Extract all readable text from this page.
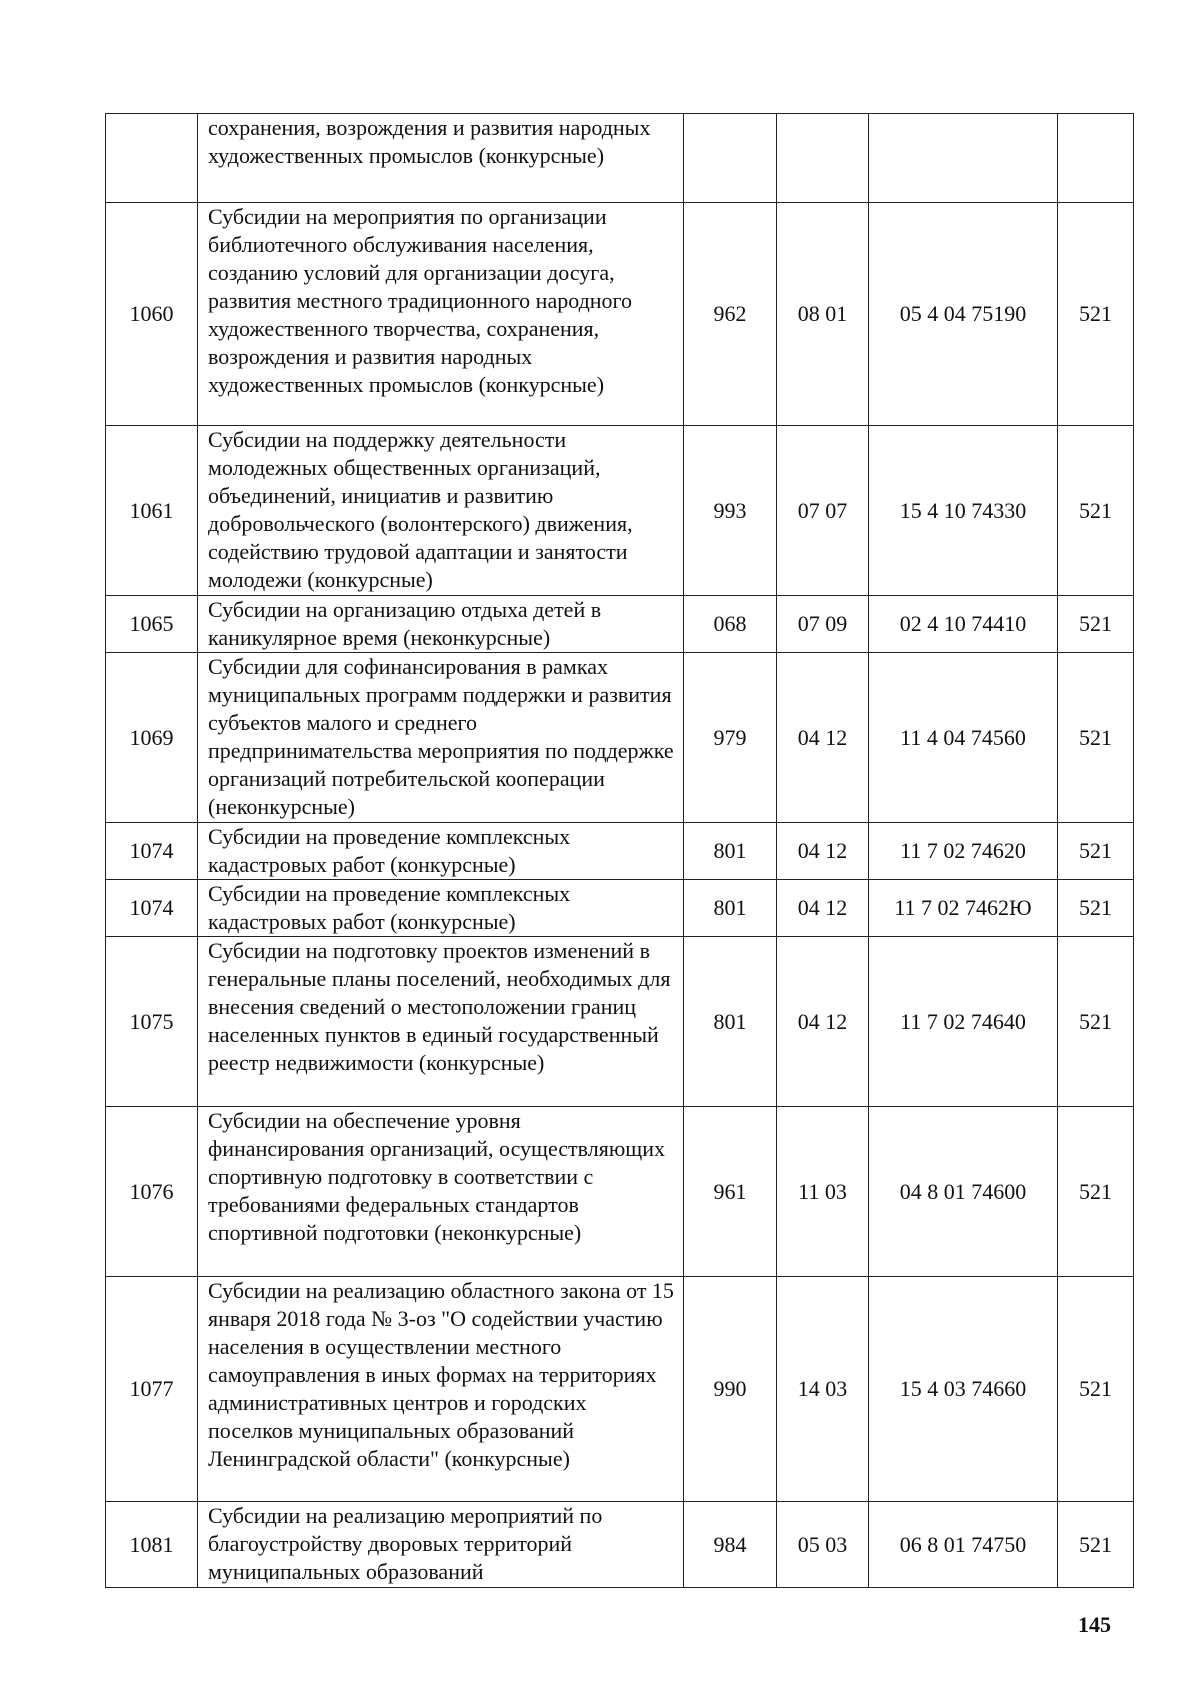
	сохранения, возрождения и развития народных художественных промыслов (конкурсные)				
1060	Субсидии на мероприятия по организации библиотечного обслуживания населения, созданию условий для организации досуга, развития местного традиционного народного художественного творчества, сохранения, возрождения и развития народных художественных промыслов (конкурсные)	962	08 01	05 4 04 75190	521
1061	Субсидии на поддержку деятельности молодежных общественных организаций, объединений, инициатив и развитию добровольческого (волонтерского) движения, содействию трудовой адаптации и занятости молодежи (конкурсные)	993	07 07	15 4 10 74330	521
1065	Субсидии на организацию отдыха детей в каникулярное время (неконкурсные)	068	07 09	02 4 10 74410	521
1069	Субсидии для софинансирования в рамках муниципальных программ поддержки и развития субъектов малого и среднего предпринимательства мероприятия по поддержке организаций потребительской кооперации (неконкурсные)	979	04 12	11 4 04 74560	521
1074	Субсидии на проведение комплексных кадастровых работ (конкурсные)	801	04 12	11 7 02 74620	521
1074	Субсидии на проведение комплексных кадастровых работ (конкурсные)	801	04 12	11 7 02 7462Ю	521
1075	Субсидии на подготовку проектов изменений в генеральные планы поселений, необходимых для внесения сведений о местоположении границ населенных пунктов в единый государственный реестр недвижимости (конкурсные)	801	04 12	11 7 02 74640	521
1076	Субсидии на обеспечение уровня финансирования организаций, осуществляющих спортивную подготовку в соответствии с требованиями федеральных стандартов спортивной подготовки (неконкурсные)	961	11 03	04 8 01 74600	521
1077	Субсидии на реализацию областного закона от 15 января 2018 года № 3-оз "О содействии участию населения в осуществлении местного самоуправления в иных формах на территориях административных центров и городских поселков муниципальных образований Ленинградской области" (конкурсные)	990	14 03	15 4 03 74660	521
1081	Субсидии на реализацию мероприятий по благоустройству дворовых территорий муниципальных образований	984	05 03	06 8 01 74750	521
145
